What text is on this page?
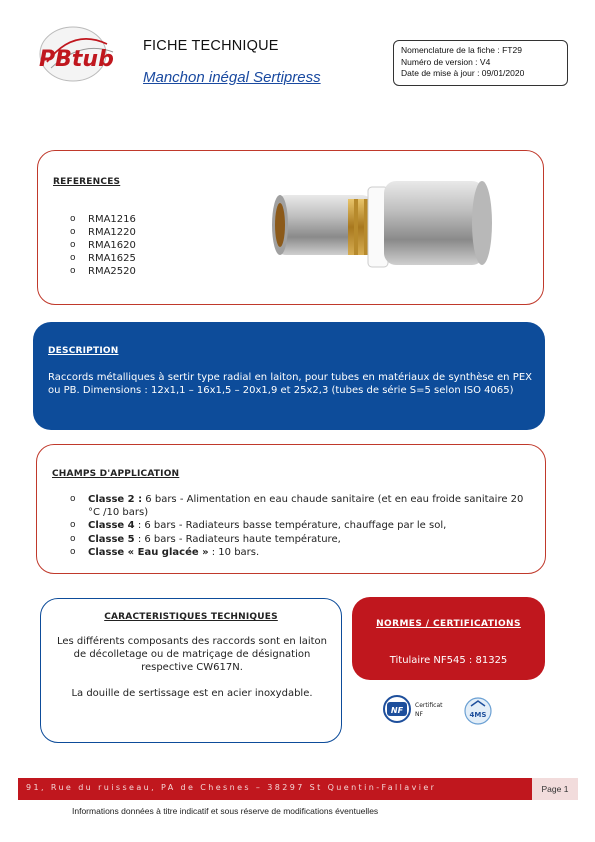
PBtub
FICHE TECHNIQUE
Manchon inégal Sertipress
Nomenclature de la fiche : FT29
Numéro de version : V4
Date de mise à jour : 09/01/2020
REFERENCES
o	RMA1216
o	RMA1220
o	RMA1620
o	RMA1625
o	RMA2520
DESCRIPTION
Raccords métalliques à sertir type radial en laiton, pour tubes en matériaux de synthèse en PEX ou PB. Dimensions : 12x1,1 – 16x1,5 – 20x1,9 et 25x2,3 (tubes de série S=5 selon ISO 4065)
CHAMPS D'APPLICATION
o	Classe 2 : 6 bars - Alimentation en eau chaude sanitaire (et en eau froide sanitaire 20 °C /10 bars)
o	Classe 4 : 6 bars - Radiateurs basse température, chauffage par le sol,
o	Classe 5 : 6 bars - Radiateurs haute température,
o	Classe « Eau glacée » : 10 bars.
CARACTERISTIQUES TECHNIQUES

Les différents composants des raccords sont en laiton de décolletage ou de matriçage de désignation respective CW617N.

La douille de sertissage est en acier inoxydable.

NORMES / CERTIFICATIONS
Titulaire NF545 : 81325
NF
Certificat
NF	4MS
91, Rue du ruisseau, PA de Chesnes – 38297 St Quentin-Fallavier	Page 1
Informations données à titre indicatif et sous réserve de modifications éventuelles
